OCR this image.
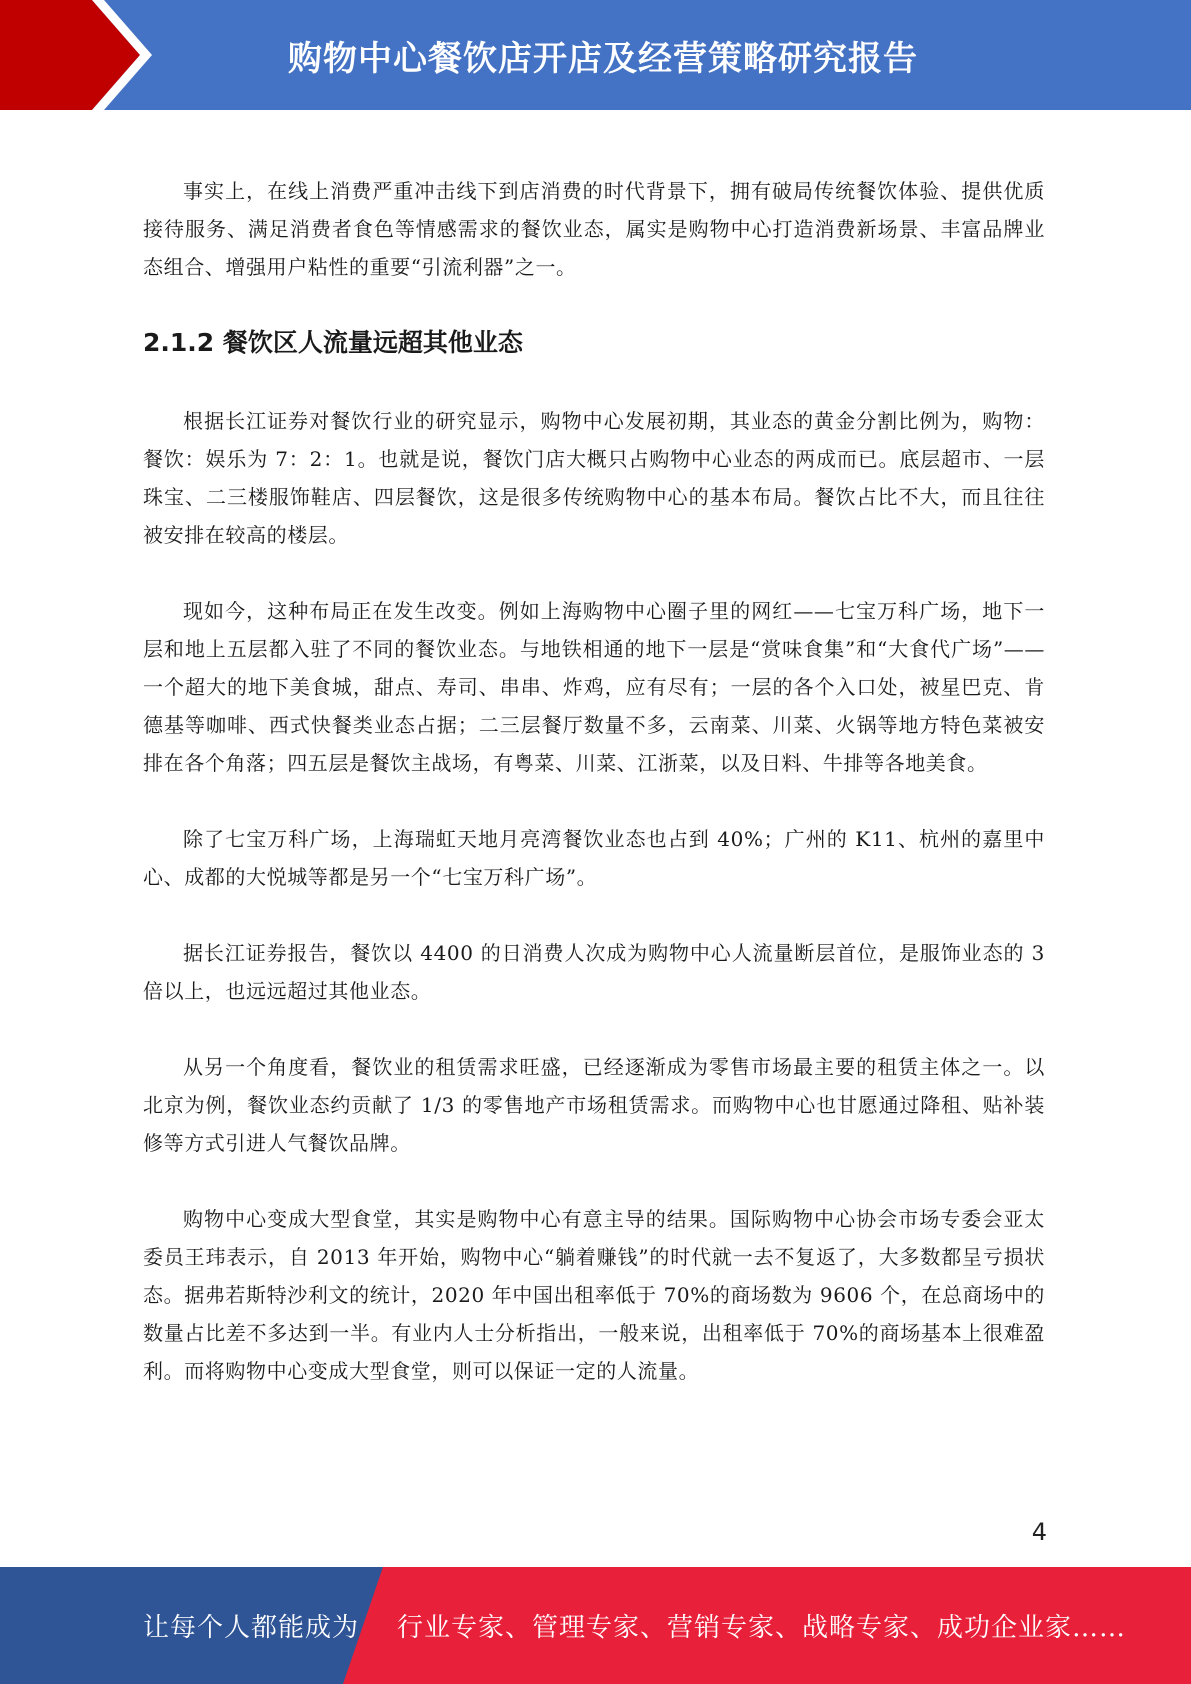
购物中心餐饮店开店及经营策略研究报告

事实上，在线上消费严重冲击线下到店消费的时代背景下，拥有破局传统餐饮体验、提供优质接待服务、满足消费者食色等情感需求的餐饮业态，属实是购物中心打造消费新场景、丰富品牌业态组合、增强用户粘性的重要“引流利器”之一。

2.1.2 餐饮区人流量远超其他业态

根据长江证券对餐饮行业的研究显示，购物中心发展初期，其业态的黄金分割比例为，购物：餐饮：娱乐为 7：2：1。也就是说，餐饮门店大概只占购物中心业态的两成而已。底层超市、一层珠宝、二三楼服饰鞋店、四层餐饮，这是很多传统购物中心的基本布局。餐饮占比不大，而且往往被安排在较高的楼层。

现如今，这种布局正在发生改变。例如上海购物中心圈子里的网红——七宝万科广场，地下一层和地上五层都入驻了不同的餐饮业态。与地铁相通的地下一层是“赏味食集”和“大食代广场”——一个超大的地下美食城，甜点、寿司、串串、炸鸡，应有尽有；一层的各个入口处，被星巴克、肯德基等咖啡、西式快餐类业态占据；二三层餐厅数量不多，云南菜、川菜、火锅等地方特色菜被安排在各个角落；四五层是餐饮主战场，有粤菜、川菜、江浙菜，以及日料、牛排等各地美食。

除了七宝万科广场，上海瑞虹天地月亮湾餐饮业态也占到 40%；广州的 K11、杭州的嘉里中心、成都的大悦城等都是另一个“七宝万科广场”。

据长江证券报告，餐饮以 4400 的日消费人次成为购物中心人流量断层首位，是服饰业态的 3 倍以上，也远远超过其他业态。

从另一个角度看，餐饮业的租赁需求旺盛，已经逐渐成为零售市场最主要的租赁主体之一。以北京为例，餐饮业态约贡献了 1/3 的零售地产市场租赁需求。而购物中心也甘愿通过降租、贴补装修等方式引进人气餐饮品牌。

购物中心变成大型食堂，其实是购物中心有意主导的结果。国际购物中心协会市场专委会亚太委员王玮表示，自 2013 年开始，购物中心“躺着赚钱”的时代就一去不复返了，大多数都呈亏损状态。据弗若斯特沙利文的统计，2020 年中国出租率低于 70%的商场数为 9606 个，在总商场中的数量占比差不多达到一半。有业内人士分析指出，一般来说，出租率低于 70%的商场基本上很难盈利。而将购物中心变成大型食堂，则可以保证一定的人流量。

4
让每个人都能成为 行业专家、管理专家、营销专家、战略专家、成功企业家……
